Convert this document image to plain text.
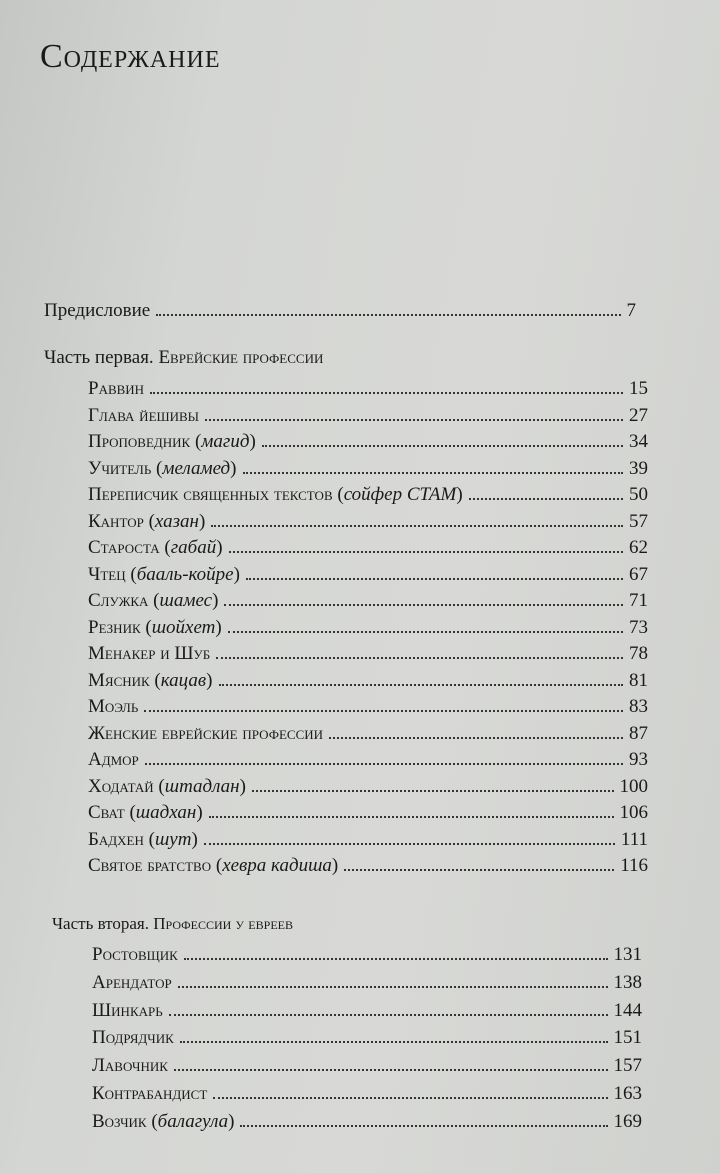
Содержание
Предисловие	7
Часть первая. Еврейские профессии
Раввин	15
Глава йешивы	27
Проповедник (магид)	34
Учитель (меламед)	39
Переписчик священных текстов (сойфер СТАМ)	50
Кантор (хазан)	57
Староста (габай)	62
Чтец (бааль-койре)	67
Служка (шамес)	71
Резник (шойхет)	73
Менакер и Шуб	78
Мясник (кацав)	81
Моэль	83
Женские еврейские профессии	87
Адмор	93
Ходатай (штадлан)	100
Сват (шадхан)	106
Бадхен (шут)	111
Святое братство (хевра кадиша)	116
Часть вторая. Профессии у евреев
Ростовщик	131
Арендатор	138
Шинкарь	144
Подрядчик	151
Лавочник	157
Контрабандист	163
Возчик (балагула)	169
